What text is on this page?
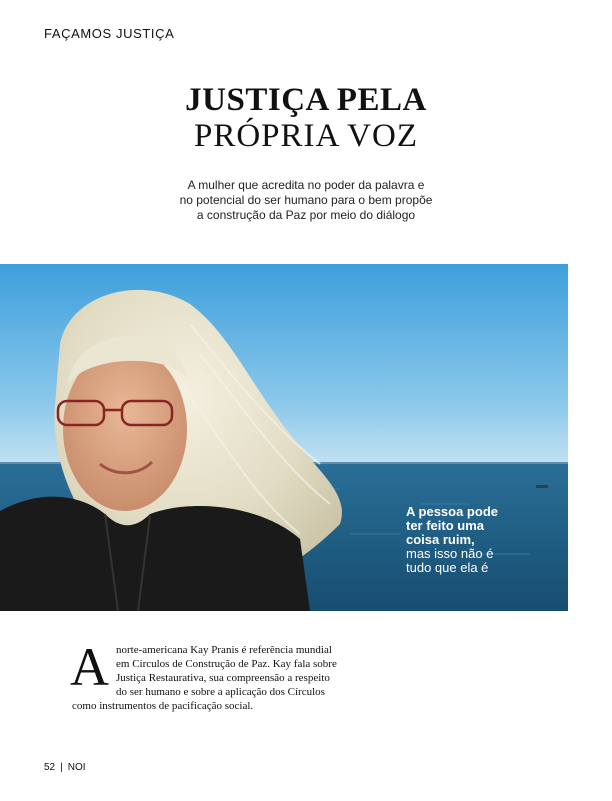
FAÇAMOS JUSTIÇA
JUSTIÇA PELA
PRÓPRIA VOZ
A mulher que acredita no poder da palavra e
no potencial do ser humano para o bem propõe
a construção da Paz por meio do diálogo
A pessoa pode
ter feito uma
coisa ruim,
mas isso não é
tudo que ela é
A norte-americana Kay Pranis é referência mundial
em Círculos de Construção de Paz. Kay fala sobre
Justiça Restaurativa, sua compreensão a respeito
do ser humano e sobre a aplicação dos Círculos
como instrumentos de pacificação social.
52 | NOI
